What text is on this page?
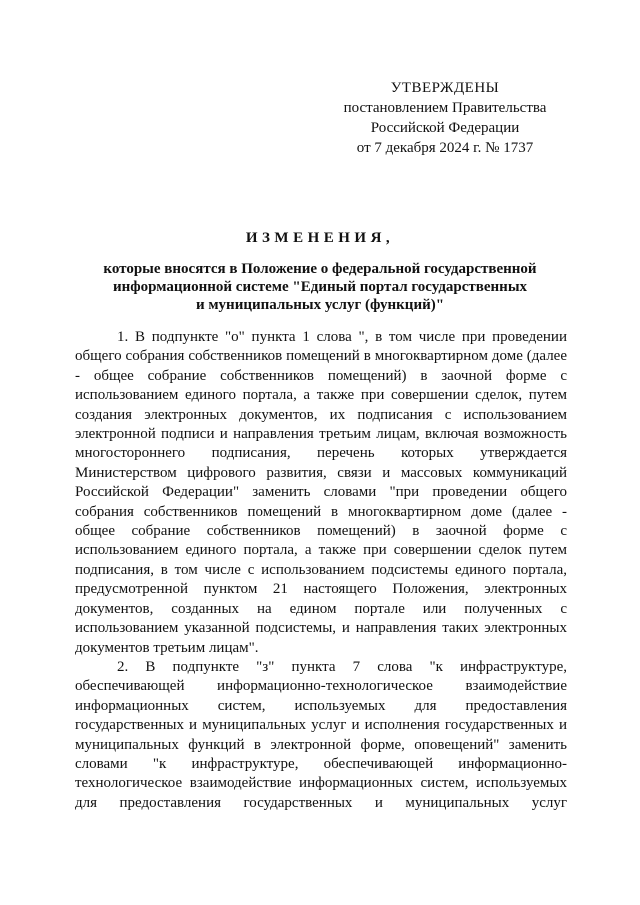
УТВЕРЖДЕНЫ
постановлением Правительства
Российской Федерации
от 7 декабря 2024 г. № 1737
ИЗМЕНЕНИЯ,
которые вносятся в Положение о федеральной государственной
информационной системе "Единый портал государственных
и муниципальных услуг (функций)"

1. В подпункте "о" пункта 1 слова ", в том числе при проведении общего собрания собственников помещений в многоквартирном доме (далее - общее собрание собственников помещений) в заочной форме с использованием единого портала, а также при совершении сделок, путем создания электронных документов, их подписания с использованием электронной подписи и направления третьим лицам, включая возможность многостороннего подписания, перечень которых утверждается Министерством цифрового развития, связи и массовых коммуникаций Российской Федерации" заменить словами "при проведении общего собрания собственников помещений в многоквартирном доме (далее - общее собрание собственников помещений) в заочной форме с использованием единого портала, а также при совершении сделок путем подписания, в том числе с использованием подсистемы единого портала, предусмотренной пунктом 21 настоящего Положения, электронных документов, созданных на едином портале или полученных с использованием указанной подсистемы, и направления таких электронных документов третьим лицам".

2. В подпункте "з" пункта 7 слова "к инфраструктуре, обеспечивающей информационно-технологическое взаимодействие информационных систем, используемых для предоставления государственных и муниципальных услуг и исполнения государственных и муниципальных функций в электронной форме, оповещений" заменить словами "к инфраструктуре, обеспечивающей информационно-технологическое взаимодействие информационных систем, используемых для предоставления государственных и муниципальных услуг
